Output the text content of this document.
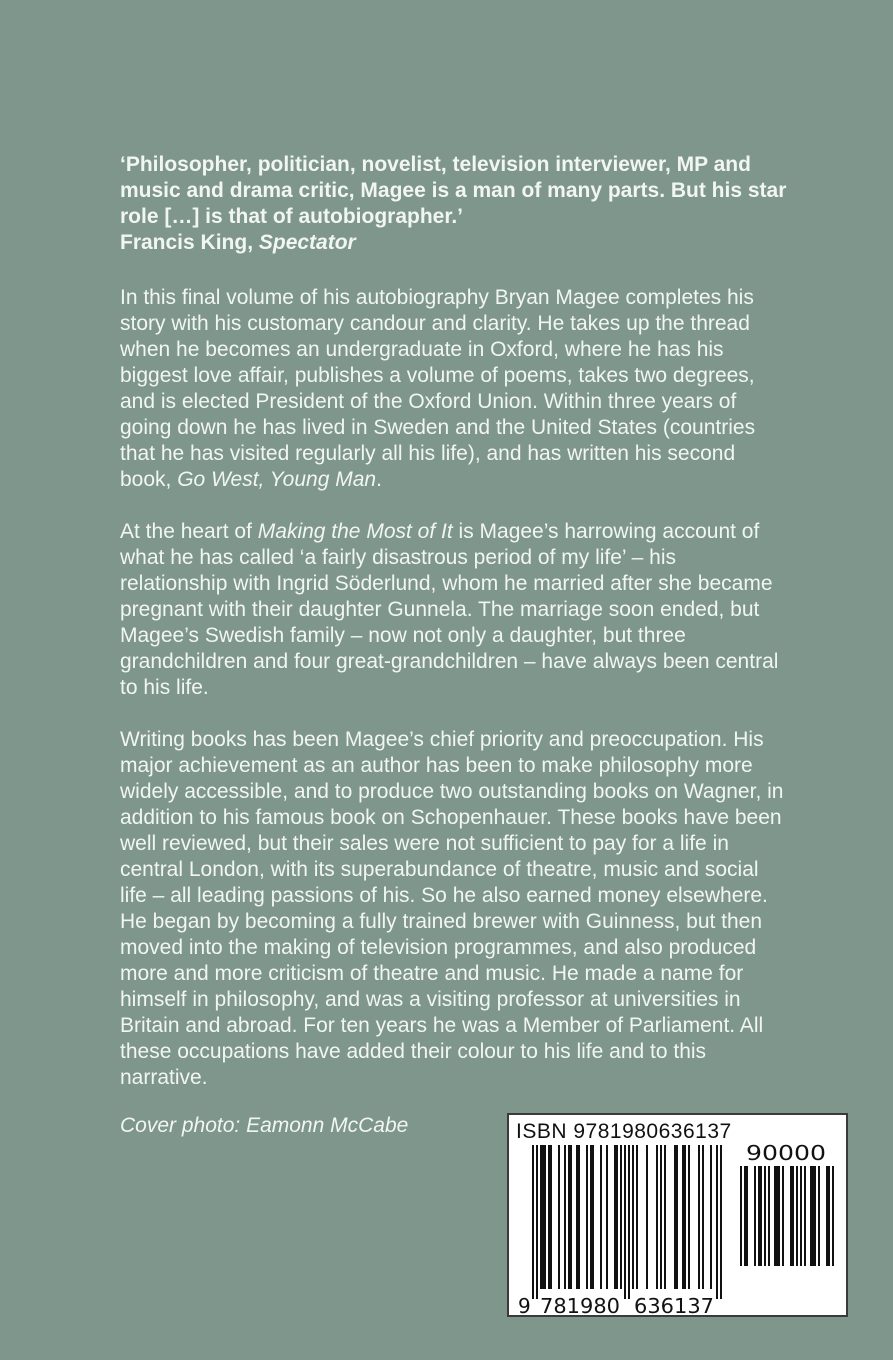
‘Philosopher, politician, novelist, television interviewer, MP and music and drama critic, Magee is a man of many parts. But his star role […] is that of autobiographer.’
Francis King, Spectator

In this final volume of his autobiography Bryan Magee completes his story with his customary candour and clarity. He takes up the thread when he becomes an undergraduate in Oxford, where he has his biggest love affair, publishes a volume of poems, takes two degrees, and is elected President of the Oxford Union. Within three years of going down he has lived in Sweden and the United States (countries that he has visited regularly all his life), and has written his second book, Go West, Young Man.

At the heart of Making the Most of It is Magee’s harrowing account of what he has called ‘a fairly disastrous period of my life’ – his relationship with Ingrid Söderlund, whom he married after she became pregnant with their daughter Gunnela. The marriage soon ended, but Magee’s Swedish family – now not only a daughter, but three grandchildren and four great-grandchildren – have always been central to his life.

Writing books has been Magee’s chief priority and preoccupation. His major achievement as an author has been to make philosophy more widely accessible, and to produce two outstanding books on Wagner, in addition to his famous book on Schopenhauer. These books have been well reviewed, but their sales were not sufficient to pay for a life in central London, with its superabundance of theatre, music and social life – all leading passions of his. So he also earned money elsewhere. He began by becoming a fully trained brewer with Guinness, but then moved into the making of television programmes, and also produced more and more criticism of theatre and music. He made a name for himself in philosophy, and was a visiting professor at universities in Britain and abroad. For ten years he was a Member of Parliament. All these occupations have added their colour to his life and to this narrative.

Cover photo: Eamonn McCabe	ISBN 9781980636137
9 781980 636137
90000
